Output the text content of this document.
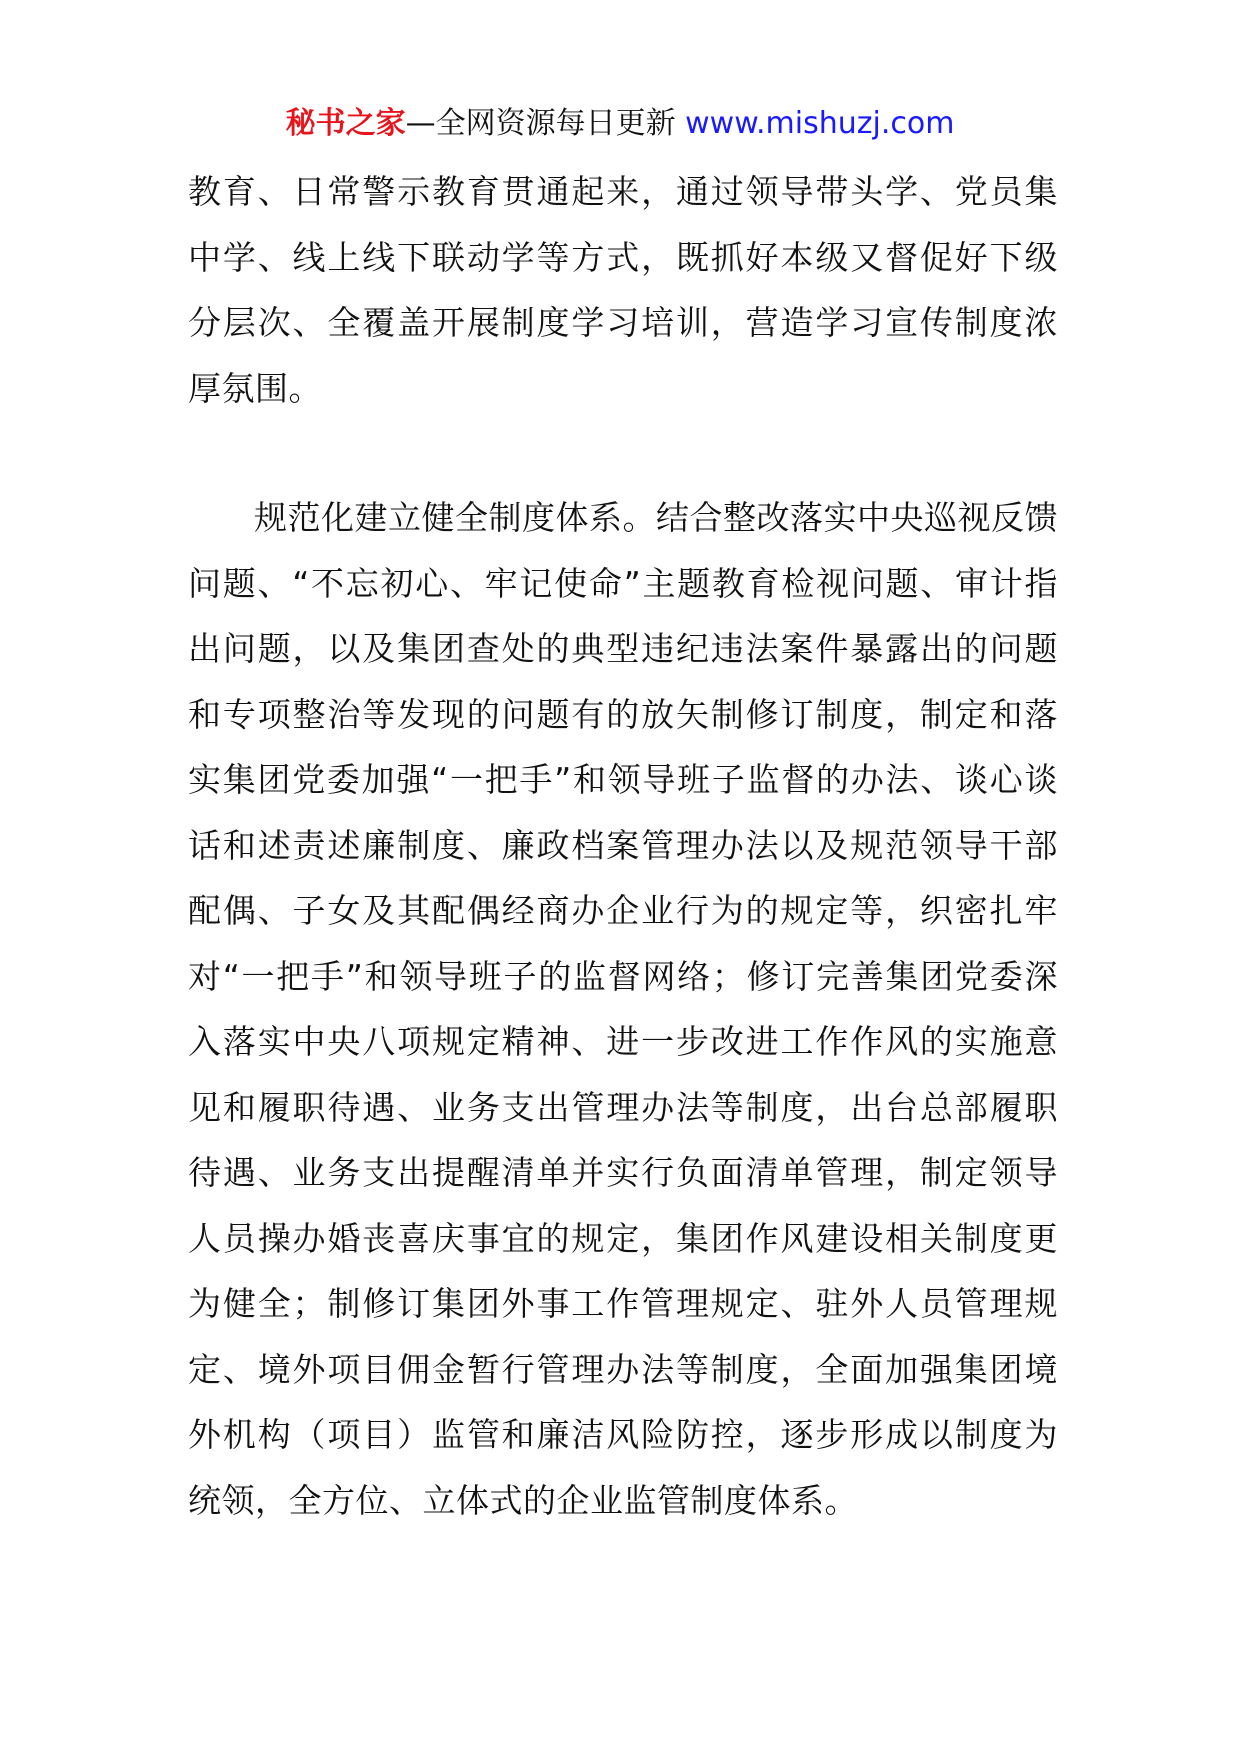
秘书之家—全网资源每日更新 www.mishuzj.com

教育、日常警示教育贯通起来，通过领导带头学、党员集中学、线上线下联动学等方式，既抓好本级又督促好下级分层次、全覆盖开展制度学习培训，营造学习宣传制度浓厚氛围。

规范化建立健全制度体系。结合整改落实中央巡视反馈问题、“不忘初心、牢记使命”主题教育检视问题、审计指出问题，以及集团查处的典型违纪违法案件暴露出的问题和专项整治等发现的问题有的放矢制修订制度，制定和落实集团党委加强“一把手”和领导班子监督的办法、谈心谈话和述责述廉制度、廉政档案管理办法以及规范领导干部配偶、子女及其配偶经商办企业行为的规定等，织密扎牢对“一把手”和领导班子的监督网络；修订完善集团党委深入落实中央八项规定精神、进一步改进工作作风的实施意见和履职待遇、业务支出管理办法等制度，出台总部履职待遇、业务支出提醒清单并实行负面清单管理，制定领导人员操办婚丧喜庆事宜的规定，集团作风建设相关制度更为健全；制修订集团外事工作管理规定、驻外人员管理规定、境外项目佣金暂行管理办法等制度，全面加强集团境外机构（项目）监管和廉洁风险防控，逐步形成以制度为统领，全方位、立体式的企业监管制度体系。
